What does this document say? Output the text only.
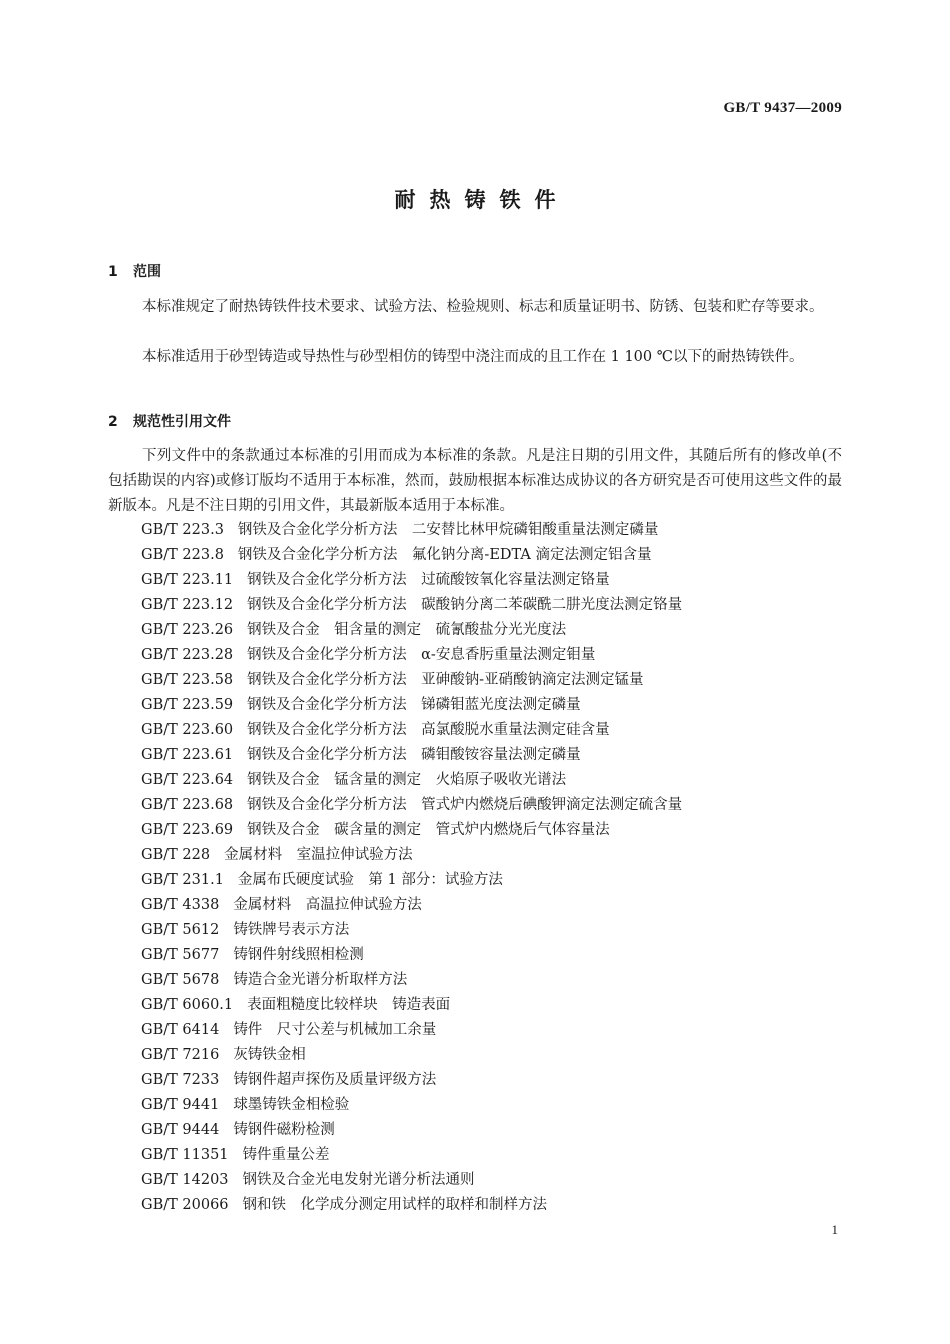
GB/T 9437—2009
耐热铸铁件
1 范围
本标准规定了耐热铸铁件技术要求、试验方法、检验规则、标志和质量证明书、防锈、包装和贮存等要求。
本标准适用于砂型铸造或导热性与砂型相仿的铸型中浇注而成的且工作在 1 100 ℃以下的耐热铸铁件。
2 规范性引用文件
下列文件中的条款通过本标准的引用而成为本标准的条款。凡是注日期的引用文件，其随后所有的修改单(不包括勘误的内容)或修订版均不适用于本标准，然而，鼓励根据本标准达成协议的各方研究是否可使用这些文件的最新版本。凡是不注日期的引用文件，其最新版本适用于本标准。
GB/T 223.3 钢铁及合金化学分析方法　二安替比林甲烷磷钼酸重量法测定磷量
GB/T 223.8 钢铁及合金化学分析方法　氟化钠分离-EDTA 滴定法测定铝含量
GB/T 223.11 钢铁及合金化学分析方法　过硫酸铵氧化容量法测定铬量
GB/T 223.12 钢铁及合金化学分析方法　碳酸钠分离二苯碳酰二肼光度法测定铬量
GB/T 223.26 钢铁及合金　钼含量的测定　硫氰酸盐分光光度法
GB/T 223.28 钢铁及合金化学分析方法　α-安息香肟重量法测定钼量
GB/T 223.58 钢铁及合金化学分析方法　亚砷酸钠-亚硝酸钠滴定法测定锰量
GB/T 223.59 钢铁及合金化学分析方法　锑磷钼蓝光度法测定磷量
GB/T 223.60 钢铁及合金化学分析方法　高氯酸脱水重量法测定硅含量
GB/T 223.61 钢铁及合金化学分析方法　磷钼酸铵容量法测定磷量
GB/T 223.64 钢铁及合金　锰含量的测定　火焰原子吸收光谱法
GB/T 223.68 钢铁及合金化学分析方法　管式炉内燃烧后碘酸钾滴定法测定硫含量
GB/T 223.69 钢铁及合金　碳含量的测定　管式炉内燃烧后气体容量法
GB/T 228 金属材料　室温拉伸试验方法
GB/T 231.1 金属布氏硬度试验　第 1 部分：试验方法
GB/T 4338 金属材料　高温拉伸试验方法
GB/T 5612 铸铁牌号表示方法
GB/T 5677 铸钢件射线照相检测
GB/T 5678 铸造合金光谱分析取样方法
GB/T 6060.1 表面粗糙度比较样块　铸造表面
GB/T 6414 铸件　尺寸公差与机械加工余量
GB/T 7216 灰铸铁金相
GB/T 7233 铸钢件超声探伤及质量评级方法
GB/T 9441 球墨铸铁金相检验
GB/T 9444 铸钢件磁粉检测
GB/T 11351 铸件重量公差
GB/T 14203 钢铁及合金光电发射光谱分析法通则
GB/T 20066 钢和铁　化学成分测定用试样的取样和制样方法
1
